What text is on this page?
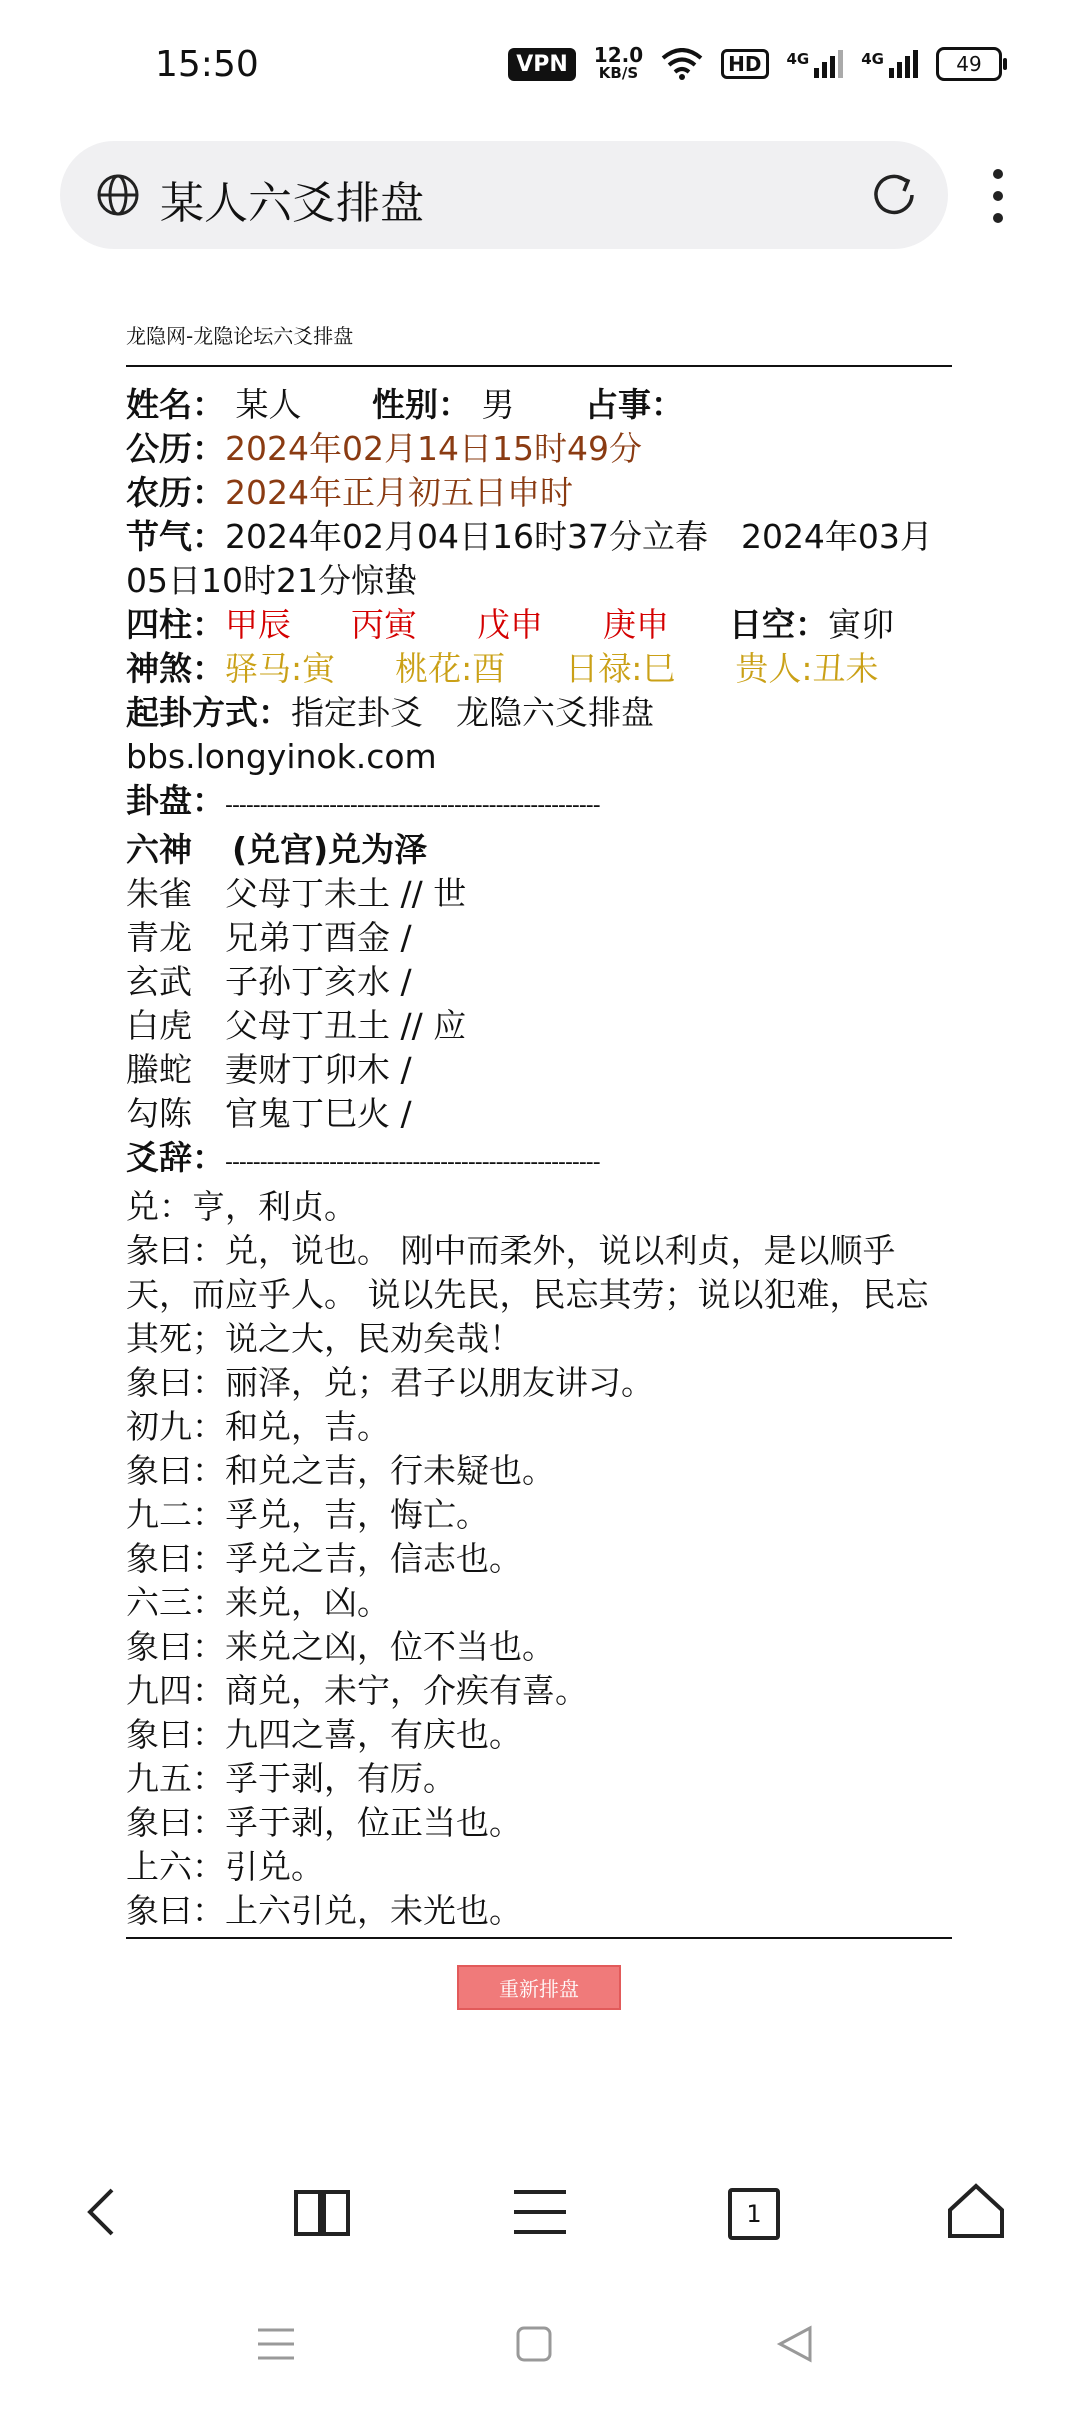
15:50	VPN	12.0
KB/S	HD	4G	4G	49
某人六爻排盘
龙隐网-龙隐论坛六爻排盘
姓名： 某人 性别： 男 占事：
公历：2024年02月14日15时49分
农历：2024年正月初五日申时
节气：2024年02月04日16时37分立春　2024年03月05日10时21分惊蛰
四柱：甲辰 丙寅 戊申 庚申 日空：寅卯
神煞：驿马:寅 桃花:酉 日禄:巳 贵人:丑未
起卦方式：指定卦爻　龙隐六爻排盘 bbs.longyinok.com
卦盘：------------------------------------------------------
六神 (兑宫)兑为泽
朱雀　父母丁未土 // 世
青龙　兄弟丁酉金 /
玄武　子孙丁亥水 /
白虎　父母丁丑土 // 应
螣蛇　妻财丁卯木 /
勾陈　官鬼丁巳火 /
爻辞：------------------------------------------------------
兑：亨，利贞。
彖曰：兑，说也。 刚中而柔外，说以利贞，是以顺乎天，而应乎人。 说以先民，民忘其劳；说以犯难，民忘其死；说之大，民劝矣哉！
象曰：丽泽，兑；君子以朋友讲习。
初九：和兑，吉。
象曰：和兑之吉，行未疑也。
九二：孚兑，吉，悔亡。
象曰：孚兑之吉，信志也。
六三：来兑，凶。
象曰：来兑之凶，位不当也。
九四：商兑，未宁，介疾有喜。
象曰：九四之喜，有庆也。
九五：孚于剥，有厉。
象曰：孚于剥，位正当也。
上六：引兑。
象曰：上六引兑，未光也。
重新排盘
1
